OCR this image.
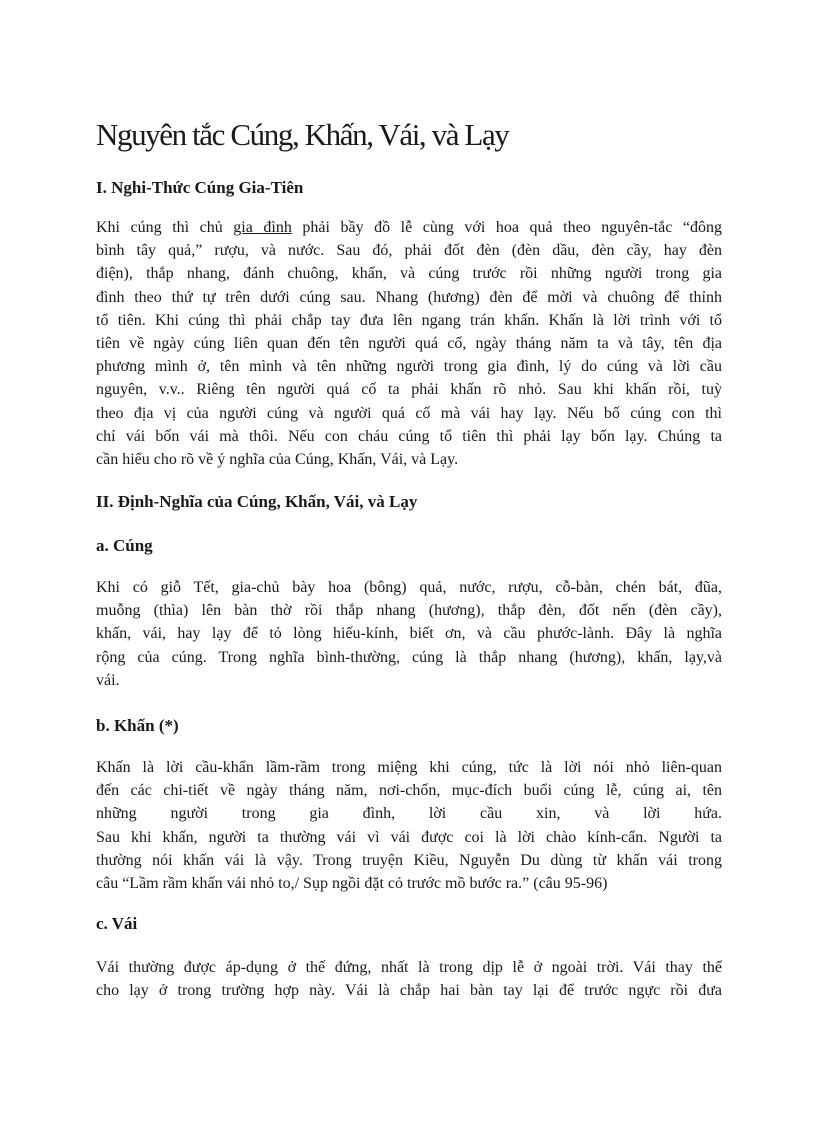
Nguyên tắc Cúng, Khấn, Vái, và Lạy
I. Nghi-Thức Cúng Gia-Tiên

Khi cúng thì chủ gia đình phải bầy đồ lễ cùng với hoa quả theo nguyên-tắc “đông
bình tây quả,” rượu, và nước. Sau đó, phải đốt đèn (đèn dầu, đèn cầy, hay đèn
điện), thắp nhang, đánh chuông, khấn, và cúng trước rồi những người trong gia
đình theo thứ tự trên dưới cúng sau. Nhang (hương) đèn để mời và chuông để thỉnh
tổ tiên. Khi cúng thì phải chắp tay đưa lên ngang trán khấn. Khấn là lời trình với tổ
tiên về ngày cúng liên quan đến tên người quá cố, ngày tháng năm ta và tây, tên địa
phương mình ở, tên mình và tên những người trong gia đình, lý do cúng và lời cầu
nguyên, v.v.. Riêng tên người quá cố ta phải khấn rõ nhỏ. Sau khi khấn rồi, tuỳ
theo địa vị của người cúng và người quá cố mà vái hay lạy. Nếu bố cúng con thì
chỉ vái bốn vái mà thôi. Nếu con cháu cúng tổ tiên thì phải lạy bốn lạy. Chúng ta
cần hiểu cho rõ về ý nghĩa của Cúng, Khấn, Vái, và Lạy.

II. Định-Nghĩa của Cúng, Khấn, Vái, và Lạy
a. Cúng

Khi có giỗ Tết, gia-chủ bày hoa (bông) quả, nước, rượu, cỗ-bàn, chén bát, đũa,
muỗng (thìa) lên bàn thờ rồi thắp nhang (hương), thắp đèn, đốt nến (đèn cầy),
khấn, vái, hay lạy để tỏ lòng hiếu-kính, biết ơn, và cầu phước-lành. Đây là nghĩa
rộng của cúng. Trong nghĩa bình-thường, cúng là thắp nhang (hương), khấn, lạy,và
vái.

b. Khấn (*)

Khấn là lời cầu-khẩn lầm-rầm trong miệng khi cúng, tức là lời nói nhỏ liên-quan
đến các chi-tiết về ngày tháng năm, nơi-chốn, mục-đích buổi cúng lễ, cúng ai, tên
những người trong gia đình, lời cầu xin, và lời hứa.
Sau khi khấn, người ta thường vái vì vái được coi là lời chào kính-cẩn. Người ta
thường nói khấn vái là vậy. Trong truyện Kiều, Nguyễn Du dùng từ khấn vái trong
câu “Lầm rầm khấn vái nhỏ to,/ Sụp ngồi đặt cỏ trước mồ bước ra.” (câu 95-96)

c. Vái

Vái thường được áp-dụng ở thế đứng, nhất là trong dịp lễ ở ngoài trời. Vái thay thế
cho lạy ở trong trường hợp này. Vái là chắp hai bàn tay lại để trước ngực rồi đưa
